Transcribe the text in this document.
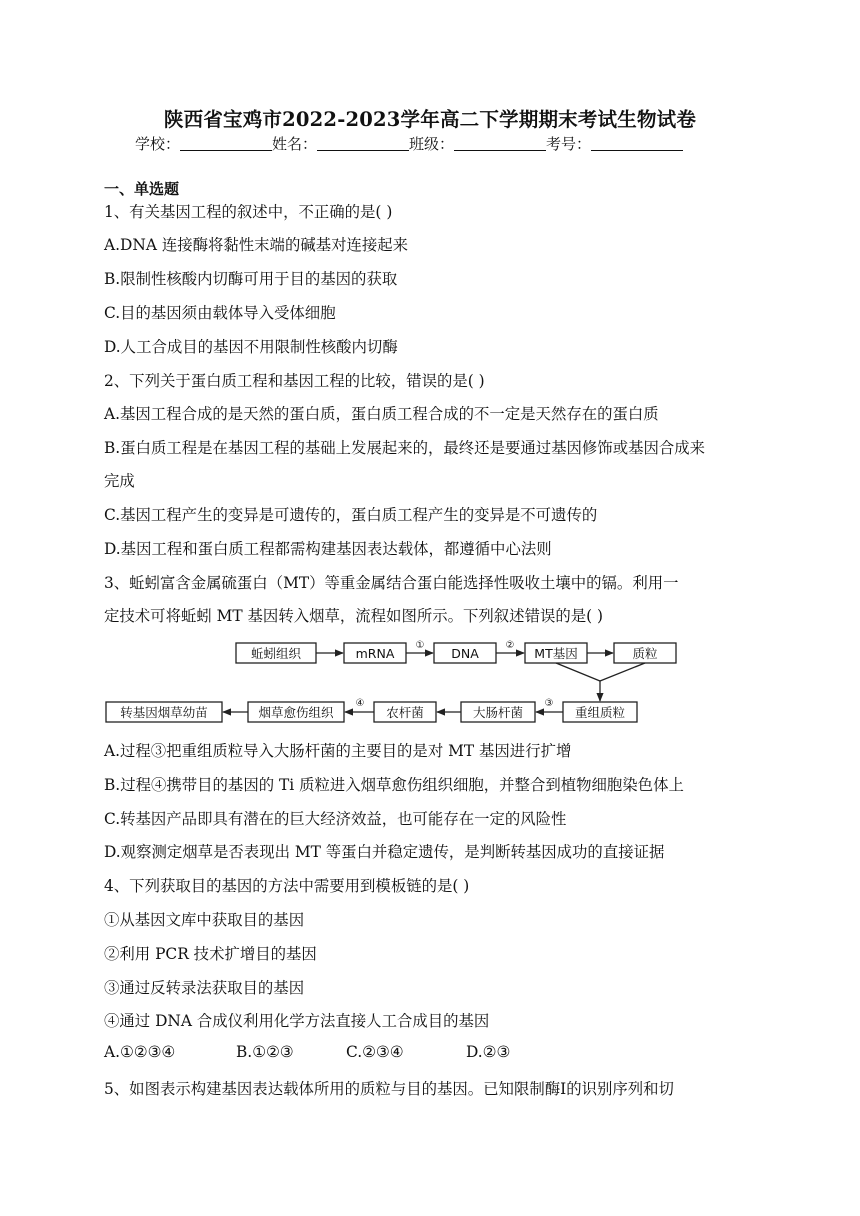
陕西省宝鸡市2022-2023学年高二下学期期末考试生物试卷
学校：	姓名：	班级：	考号：
一、单选题
1、有关基因工程的叙述中，不正确的是( )
A.DNA 连接酶将黏性末端的碱基对连接起来
B.限制性核酸内切酶可用于目的基因的获取
C.目的基因须由载体导入受体细胞
D.人工合成目的基因不用限制性核酸内切酶
2、下列关于蛋白质工程和基因工程的比较，错误的是( )
A.基因工程合成的是天然的蛋白质，蛋白质工程合成的不一定是天然存在的蛋白质
B.蛋白质工程是在基因工程的基础上发展起来的，最终还是要通过基因修饰或基因合成来
完成
C.基因工程产生的变异是可遗传的，蛋白质工程产生的变异是不可遗传的
D.基因工程和蛋白质工程都需构建基因表达载体，都遵循中心法则
3、蚯蚓富含金属硫蛋白（MT）等重金属结合蛋白能选择性吸收土壤中的镉。利用一
定技术可将蚯蚓 MT 基因转入烟草，流程如图所示。下列叙述错误的是( )
蚯蚓组织	mRNA	DNA	MT基因	质粒
重组质粒
大肠杆菌
农杆菌
烟草愈伤组织
转基因烟草幼苗
①	②
③
④
A.过程③把重组质粒导入大肠杆菌的主要目的是对 MT 基因进行扩增
B.过程④携带目的基因的 Ti 质粒进入烟草愈伤组织细胞，并整合到植物细胞染色体上
C.转基因产品即具有潜在的巨大经济效益，也可能存在一定的风险性
D.观察测定烟草是否表现出 MT 等蛋白并稳定遗传，是判断转基因成功的直接证据
4、下列获取目的基因的方法中需要用到模板链的是( )
①从基因文库中获取目的基因
②利用 PCR 技术扩增目的基因
③通过反转录法获取目的基因
④通过 DNA 合成仪利用化学方法直接人工合成目的基因
A.①②③④	B.①②③	C.②③④	D.②③
5、如图表示构建基因表达载体所用的质粒与目的基因。已知限制酶Ⅰ的识别序列和切
